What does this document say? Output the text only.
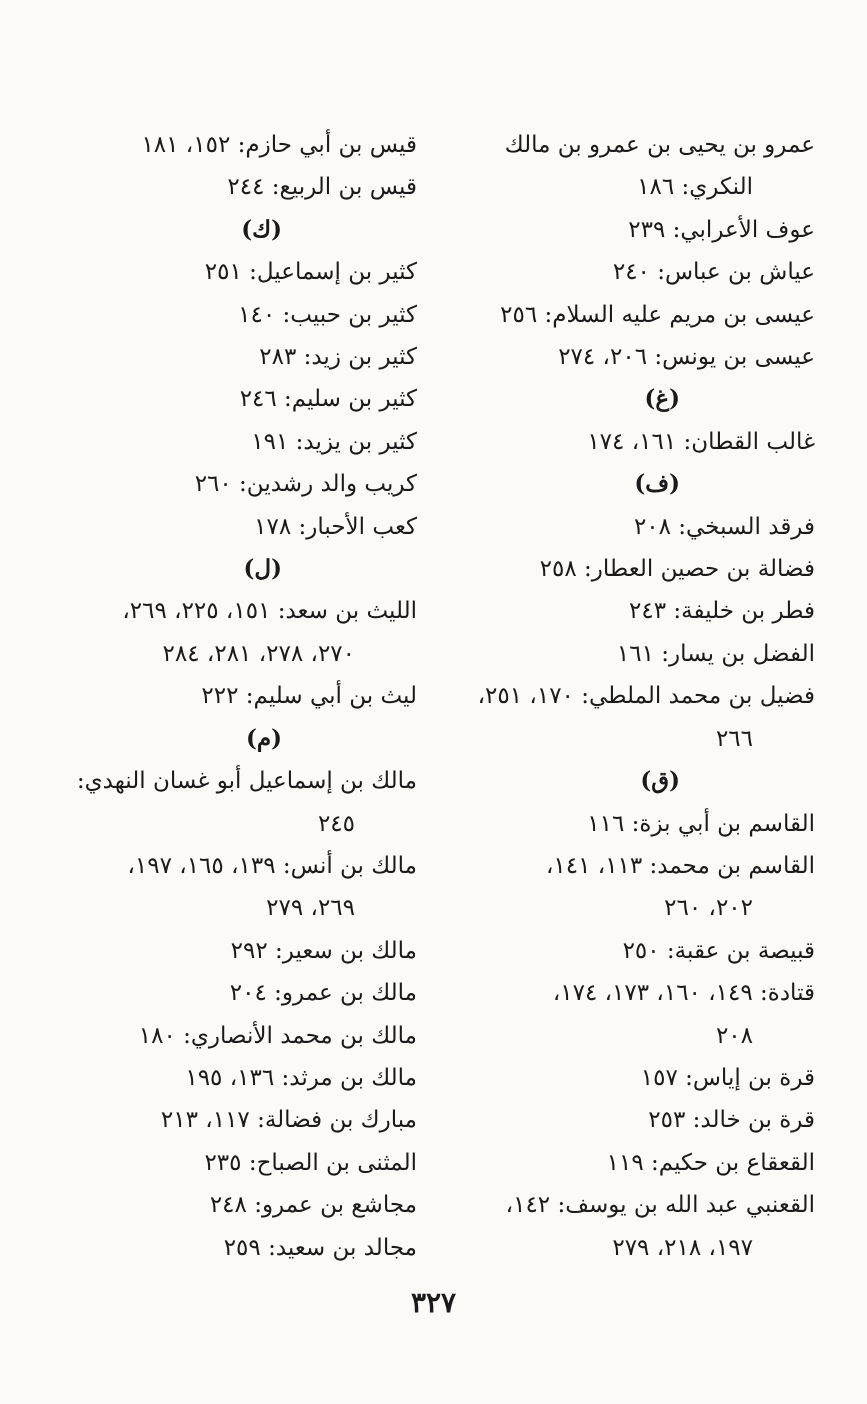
عمرو بن يحيى بن عمرو بن مالك
النكري: ١٨٦
عوف الأعرابي: ٢٣٩
عياش بن عباس: ٢٤٠
عيسى بن مريم عليه السلام: ٢٥٦
عيسى بن يونس: ٢٠٦، ٢٧٤
(غ)
غالب القطان: ١٦١، ١٧٤
(ف)
فرقد السبخي: ٢٠٨
فضالة بن حصين العطار: ٢٥٨
فطر بن خليفة: ٢٤٣
الفضل بن يسار: ١٦١
فضيل بن محمد الملطي: ١٧٠، ٢٥١،
٢٦٦
(ق)
القاسم بن أبي بزة: ١١٦
القاسم بن محمد: ١١٣، ١٤١،
٢٠٢، ٢٦٠
قبيصة بن عقبة: ٢٥٠
قتادة: ١٤٩، ١٦٠، ١٧٣، ١٧٤،
٢٠٨
قرة بن إياس: ١٥٧
قرة بن خالد: ٢٥٣
القعقاع بن حكيم: ١١٩
القعنبي عبد الله بن يوسف: ١٤٢،
١٩٧، ٢١٨، ٢٧٩
قيس بن أبي حازم: ١٥٢، ١٨١
قيس بن الربيع: ٢٤٤
(ك)
كثير بن إسماعيل: ٢٥١
كثير بن حبيب: ١٤٠
كثير بن زيد: ٢٨٣
كثير بن سليم: ٢٤٦
كثير بن يزيد: ١٩١
كريب والد رشدين: ٢٦٠
كعب الأحبار: ١٧٨
(ل)
الليث بن سعد: ١٥١، ٢٢٥، ٢٦٩،
٢٧٠، ٢٧٨، ٢٨١، ٢٨٤
ليث بن أبي سليم: ٢٢٢
(م)
مالك بن إسماعيل أبو غسان النهدي:
٢٤٥
مالك بن أنس: ١٣٩، ١٦٥، ١٩٧،
٢٦٩، ٢٧٩
مالك بن سعير: ٢٩٢
مالك بن عمرو: ٢٠٤
مالك بن محمد الأنصاري: ١٨٠
مالك بن مرثد: ١٣٦، ١٩٥
مبارك بن فضالة: ١١٧، ٢١٣
المثنى بن الصباح: ٢٣٥
مجاشع بن عمرو: ٢٤٨
مجالد بن سعيد: ٢٥٩
٣٢٧
